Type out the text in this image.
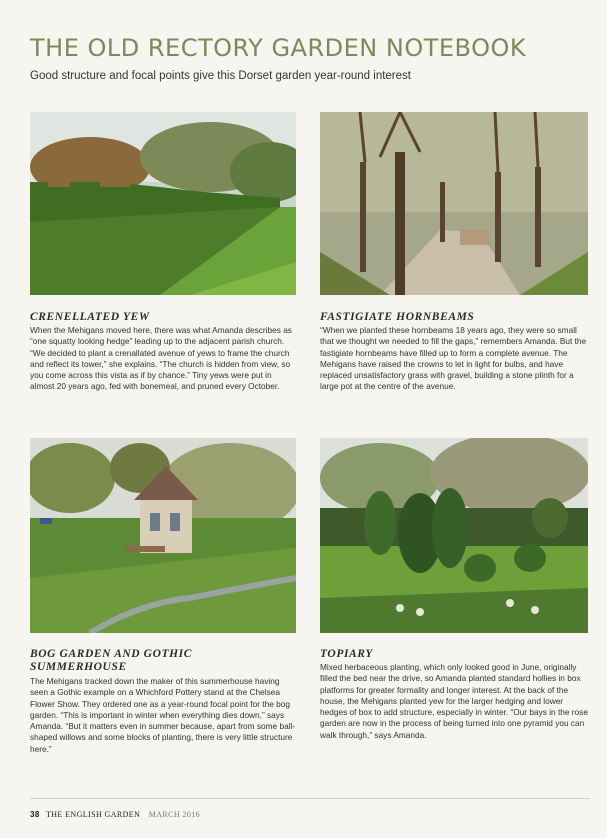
THE OLD RECTORY GARDEN NOTEBOOK
Good structure and focal points give this Dorset garden year-round interest
CRENELLATED YEW
When the Mehigans moved here, there was what Amanda describes as “one squatty looking hedge” leading up to the adjacent parish church. “We decided to plant a crenallated avenue of yews to frame the church and reflect its tower,” she explains. “The church is hidden from view, so you come across this vista as if by chance.” Tiny yews were put in almost 20 years ago, fed with bonemeal, and pruned every October.
FASTIGIATE HORNBEAMS
“When we planted these hornbeams 18 years ago, they were so small that we thought we needed to fill the gaps,” remembers Amanda. But the fastigiate hornbeams have filled up to form a complete avenue. The Mehigans have raised the crowns to let in light for bulbs, and have replaced unsatisfactory grass with gravel, building a stone plinth for a large pot at the centre of the avenue.
BOG GARDEN AND GOTHIC SUMMERHOUSE
The Mehigans tracked down the maker of this summerhouse having seen a Gothic example on a Whichford Pottery stand at the Chelsea Flower Show. They ordered one as a year-round focal point for the bog garden. “This is important in winter when everything dies down,” says Amanda. “But it matters even in summer because, apart from some ball-shaped willows and some blocks of planting, there is very little structure here.”
TOPIARY
Mixed herbaceous planting, which only looked good in June, originally filled the bed near the drive, so Amanda planted standard hollies in box platforms for greater formality and longer interest. At the back of the house, the Mehigans planted yew for the larger hedging and lower hedges of box to add structure, especially in winter. “Our bays in the rose garden are now in the process of being turned into one pyramid you can walk through,” says Amanda.
38 THE ENGLISH GARDEN MARCH 2016
